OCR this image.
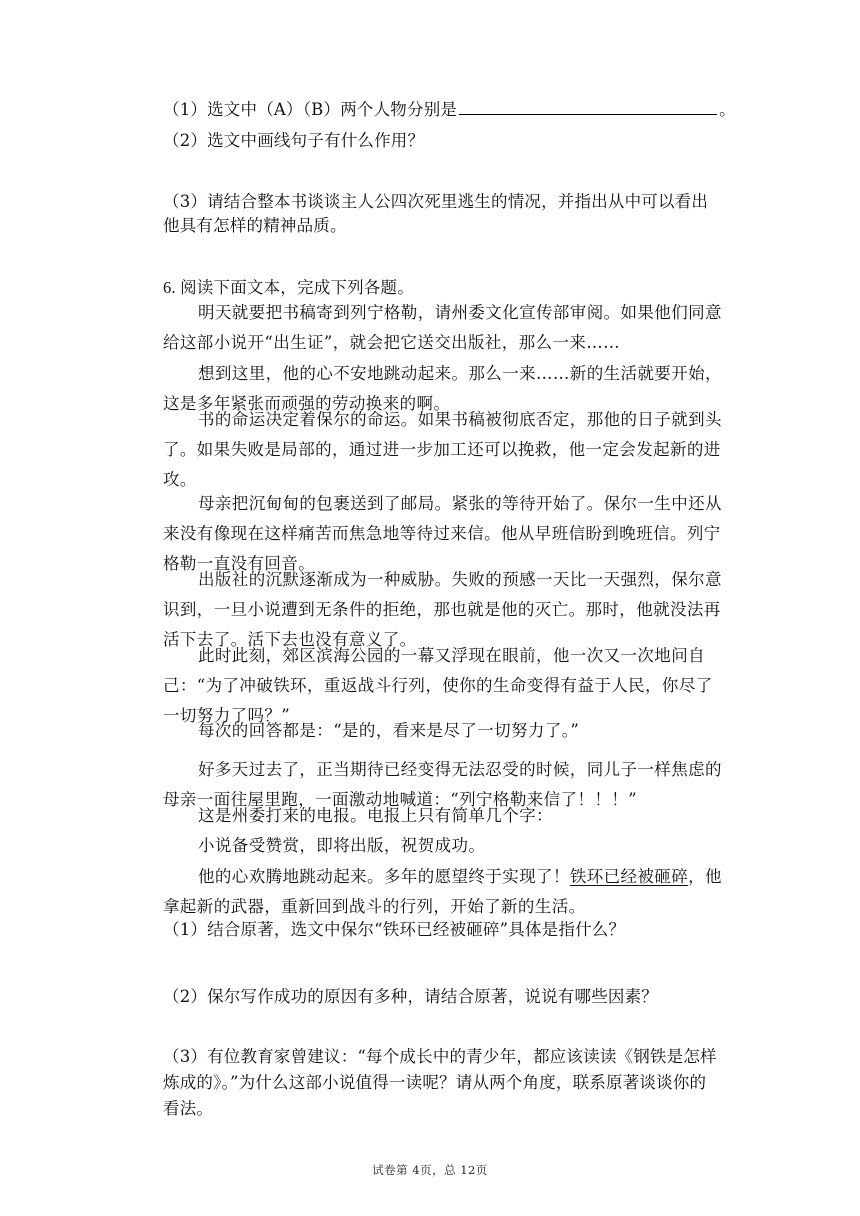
（1）选文中（A）（B）两个人物分别是	。
（2）选文中画线句子有什么作用？
（3）请结合整本书谈谈主人公四次死里逃生的情况，并指出从中可以看出
他具有怎样的精神品质。
6. 阅读下面文本，完成下列各题。
明天就要把书稿寄到列宁格勒，请州委文化宣传部审阅。如果他们同意给这部小说开“出生证”，就会把它送交出版社，那么一来……
想到这里，他的心不安地跳动起来。那么一来……新的生活就要开始，这是多年紧张而顽强的劳动换来的啊。
书的命运决定着保尔的命运。如果书稿被彻底否定，那他的日子就到头了。如果失败是局部的，通过进一步加工还可以挽救，他一定会发起新的进攻。
母亲把沉甸甸的包裹送到了邮局。紧张的等待开始了。保尔一生中还从来没有像现在这样痛苦而焦急地等待过来信。他从早班信盼到晚班信。列宁格勒一直没有回音。
出版社的沉默逐渐成为一种威胁。失败的预感一天比一天强烈，保尔意识到，一旦小说遭到无条件的拒绝，那也就是他的灭亡。那时，他就没法再活下去了。活下去也没有意义了。
此时此刻，郊区滨海公园的一幕又浮现在眼前，他一次又一次地问自己：“为了冲破铁环，重返战斗行列，使你的生命变得有益于人民，你尽了一切努力了吗？”
每次的回答都是：“是的，看来是尽了一切努力了。”
好多天过去了，正当期待已经变得无法忍受的时候，同儿子一样焦虑的母亲一面往屋里跑，一面激动地喊道：“列宁格勒来信了！！！”
这是州委打来的电报。电报上只有简单几个字：
小说备受赞赏，即将出版，祝贺成功。
他的心欢腾地跳动起来。多年的愿望终于实现了！铁环已经被砸碎，他拿起新的武器，重新回到战斗的行列，开始了新的生活。
（1）结合原著，选文中保尔“铁环已经被砸碎”具体是指什么？
（2）保尔写作成功的原因有多种，请结合原著，说说有哪些因素？
（3）有位教育家曾建议：“每个成长中的青少年，都应该读读《钢铁是怎样
炼成的》。”为什么这部小说值得一读呢？请从两个角度，联系原著谈谈你的
看法。
试卷第 4页，总 12页
